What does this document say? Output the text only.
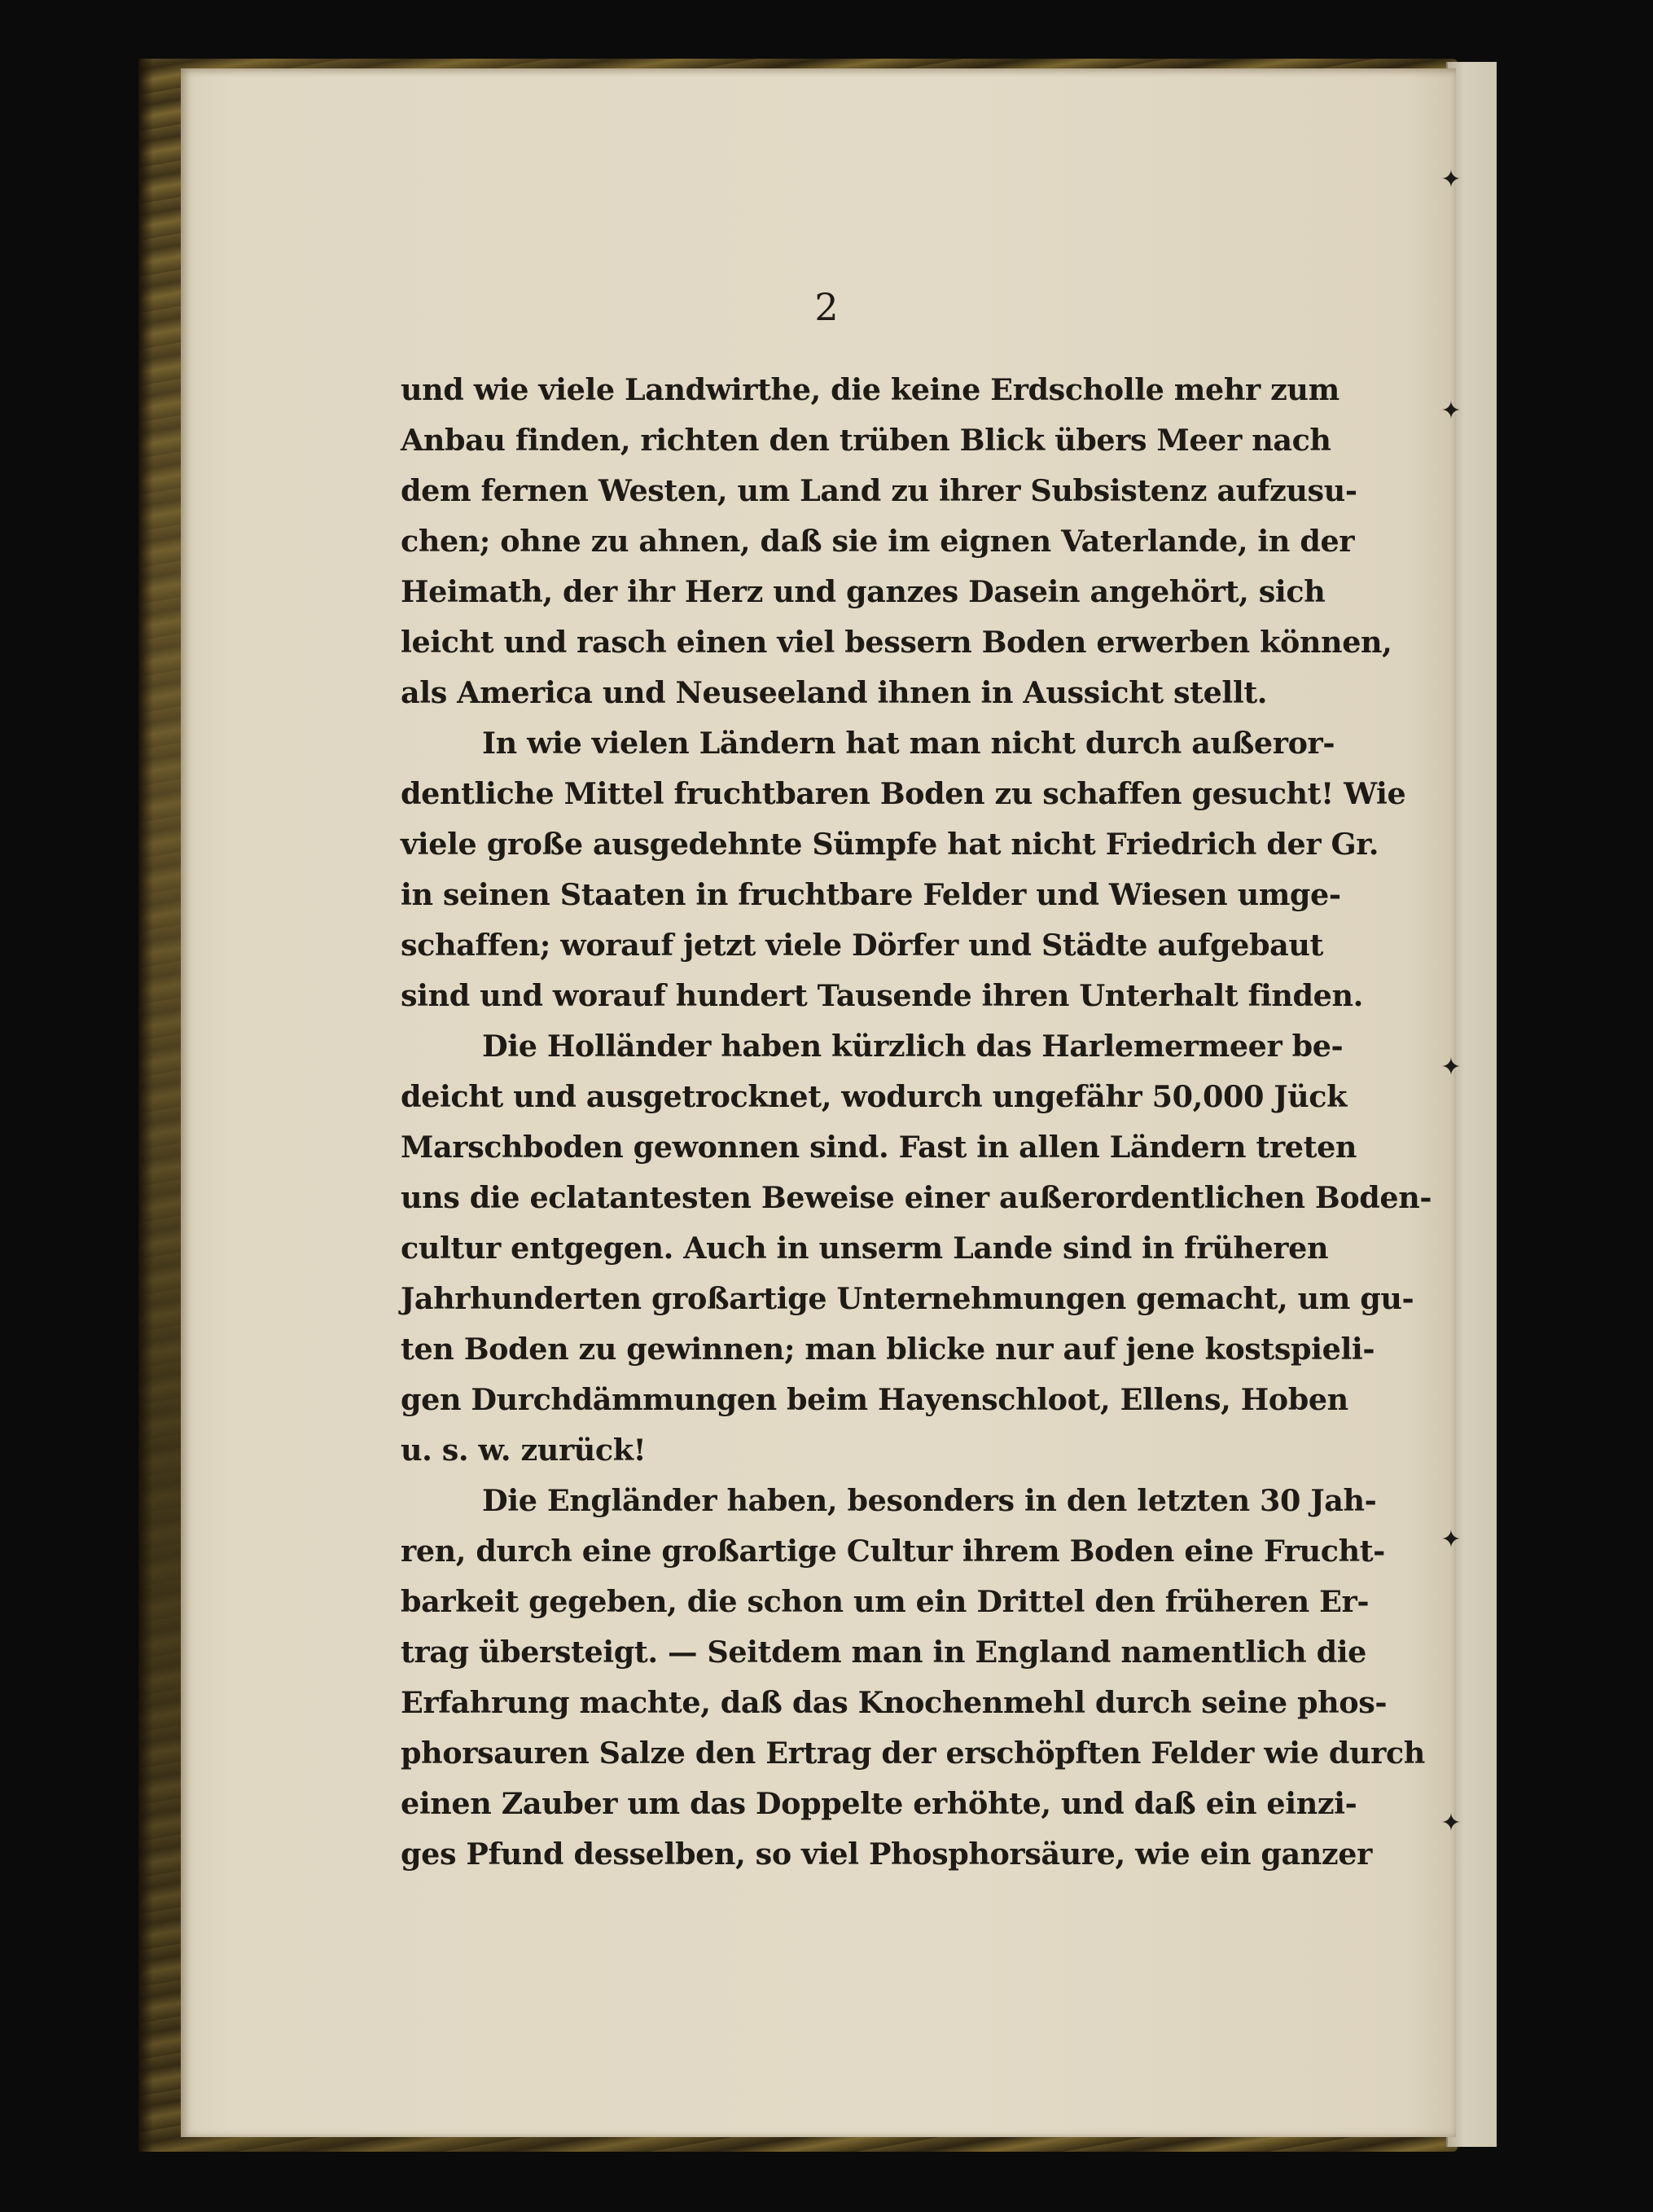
✦
✦
✦
✦
✦
2
und wie viele Landwirthe, die keine Erdscholle mehr zum
Anbau finden, richten den trüben Blick übers Meer nach
dem fernen Westen, um Land zu ihrer Subsistenz aufzusu-
chen; ohne zu ahnen, daß sie im eignen Vaterlande, in der
Heimath, der ihr Herz und ganzes Dasein angehört, sich
leicht und rasch einen viel bessern Boden erwerben können,
als America und Neuseeland ihnen in Aussicht stellt.
In wie vielen Ländern hat man nicht durch außeror-
dentliche Mittel fruchtbaren Boden zu schaffen gesucht! Wie
viele große ausgedehnte Sümpfe hat nicht Friedrich der Gr.
in seinen Staaten in fruchtbare Felder und Wiesen umge-
schaffen; worauf jetzt viele Dörfer und Städte aufgebaut
sind und worauf hundert Tausende ihren Unterhalt finden.
Die Holländer haben kürzlich das Harlemermeer be-
deicht und ausgetrocknet, wodurch ungefähr 50,000 Jück
Marschboden gewonnen sind. Fast in allen Ländern treten
uns die eclatantesten Beweise einer außerordentlichen Boden-
cultur entgegen. Auch in unserm Lande sind in früheren
Jahrhunderten großartige Unternehmungen gemacht, um gu-
ten Boden zu gewinnen; man blicke nur auf jene kostspieli-
gen Durchdämmungen beim Hayenschloot, Ellens, Hoben
u. s. w. zurück!
Die Engländer haben, besonders in den letzten 30 Jah-
ren, durch eine großartige Cultur ihrem Boden eine Frucht-
barkeit gegeben, die schon um ein Drittel den früheren Er-
trag übersteigt. — Seitdem man in England namentlich die
Erfahrung machte, daß das Knochenmehl durch seine phos-
phorsauren Salze den Ertrag der erschöpften Felder wie durch
einen Zauber um das Doppelte erhöhte, und daß ein einzi-
ges Pfund desselben, so viel Phosphorsäure, wie ein ganzer
